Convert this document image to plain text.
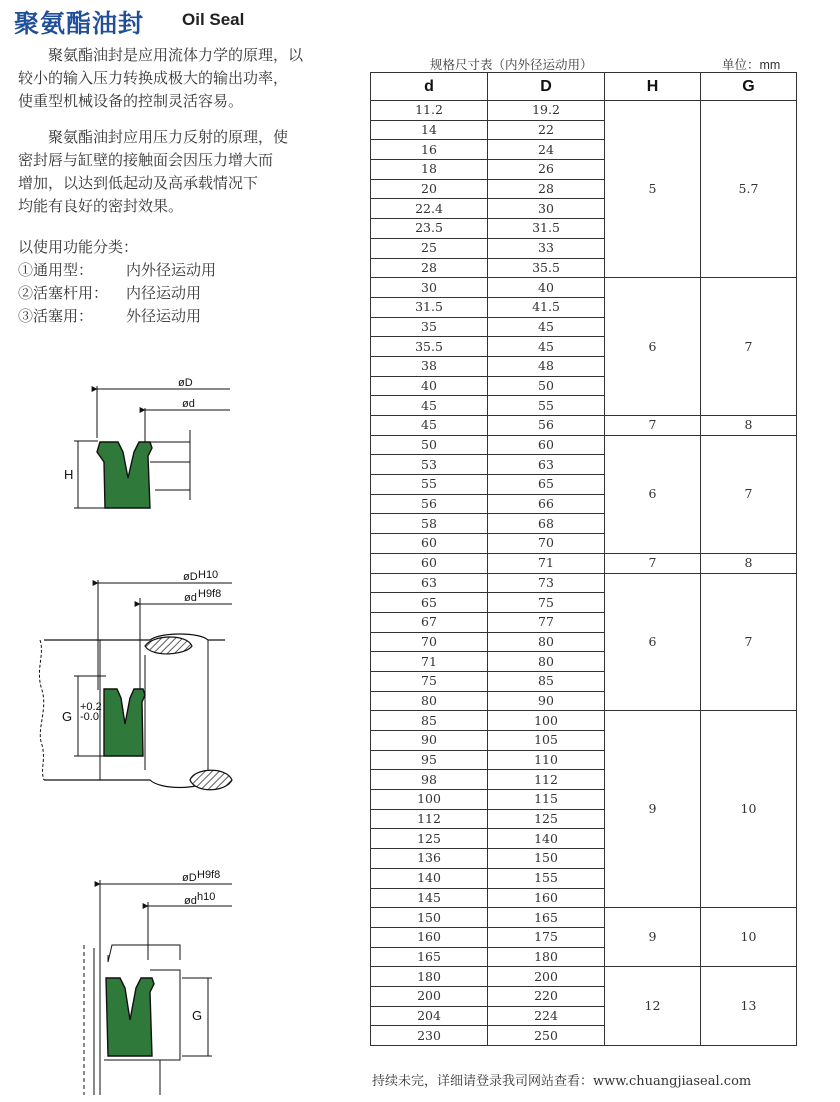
聚氨酯油封 Oil Seal
聚氨酯油封是应用流体力学的原理，以
较小的输入压力转换成极大的输出功率，
使重型机械设备的控制灵活容易。
聚氨酯油封应用压力反射的原理，使
密封唇与缸壁的接触面会因压力增大而
增加，以达到低起动及高承载情况下
均能有良好的密封效果。
以使用功能分类：
①通用型： 内外径运动用
②活塞杆用： 内径运动用
③活塞用： 外径运动用
øD
ød
H
øD H10
ød H9f8
G
+0.2
-0.0
øD H9f8
ød h10
G
规格尺寸表（内外径运动用）	单位：mm
d	D	H	G
11.2	19.2	5	5.7
14	22		
16	24		
18	26		
20	28		
22.4	30		
23.5	31.5		
25	33		
28	35.5		
30	40	6	7
31.5	41.5		
35	45		
35.5	45		
38	48		
40	50		
45	55		
45	56	7	8
50	60	6	7
53	63		
55	65		
56	66		
58	68		
60	70		
60	71	7	8
63	73	6	7
65	75		
67	77		
70	80		
71	80		
75	85		
80	90		
85	100	9	10
90	105		
95	110		
98	112		
100	115		
112	125		
125	140		
136	150		
140	155		
145	160		
150	165	9	10
160	175		
165	180		
180	200	12	13
200	220		
204	224		
230	250		
持续未完，详细请登录我司网站查看：www.chuangjiaseal.com
